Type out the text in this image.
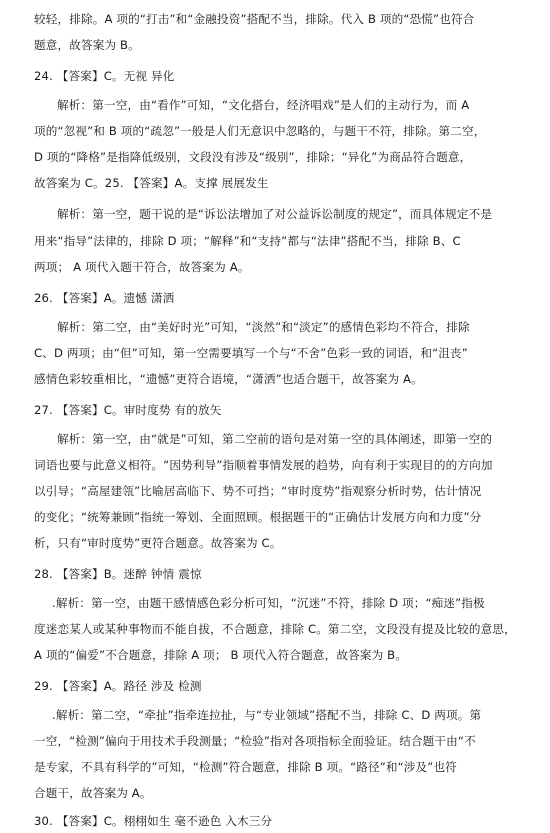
较轻，排除。A 项的“打击”和“金融投资”搭配不当，排除。代入 B 项的“恐慌”也符合
题意，故答案为 B。
24. 【答案】C。无视 异化
解析：第一空，由“看作”可知，“文化搭台，经济唱戏”是人们的主动行为，而 A
项的“忽视”和 B 项的“疏忽”一般是人们无意识中忽略的，与题干不符，排除。第二空，
D 项的“降格”是指降低级别，文段没有涉及“级别”，排除；“异化”为商品符合题意，
故答案为 C。25. 【答案】A。支撑 展展发生
解析：第一空，题干说的是“诉讼法增加了对公益诉讼制度的规定”，而具体规定不是
用来“指导”法律的，排除 D 项；“解释”和“支持”都与“法律”搭配不当，排除 B、C
两项； A 项代入题干符合，故答案为 A。
26. 【答案】A。遗憾 潇洒
解析：第二空，由“美好时光”可知，“淡然”和“淡定”的感情色彩均不符合，排除
C、D 两项；由“但”可知，第一空需要填写一个与“不舍”色彩一致的词语，和“沮丧”
感情色彩较重相比，“遗憾”更符合语境，“潇洒”也适合题干，故答案为 A。
27. 【答案】C。审时度势 有的放矢
解析：第一空，由“就是”可知，第二空前的语句是对第一空的具体阐述，即第一空的
词语也要与此意义相符。“因势利导”指顺着事情发展的趋势，向有利于实现目的的方向加
以引导；“高屋建瓴”比喻居高临下、势不可挡；“审时度势”指观察分析时势，估计情况
的变化；“统筹兼顾”指统一筹划、全面照顾。根据题干的“正确估计发展方向和力度”分
析，只有“审时度势”更符合题意。故答案为 C。
28. 【答案】B。迷醉 钟情 震惊
.解析：第一空，由题干感情感色彩分析可知，“沉迷”不符，排除 D 项；“痴迷”指极
度迷恋某人或某种事物而不能自拔，不合题意，排除 C。第二空，文段没有提及比较的意思，
A 项的“偏爱”不合题意，排除 A 项； B 项代入符合题意，故答案为 B。
29. 【答案】A。路径 涉及 检测
.解析：第二空，“牵扯”指牵连拉扯，与“专业领域”搭配不当，排除 C、D 两项。第
一空，“检测”偏向于用技术手段测量；“检验”指对各项指标全面验证。结合题干由“不
是专家，不具有科学的”可知，“检测”符合题意，排除 B 项。“路径”和“涉及”也符
合题干，故答案为 A。
30. 【答案】C。栩栩如生 毫不逊色 入木三分
